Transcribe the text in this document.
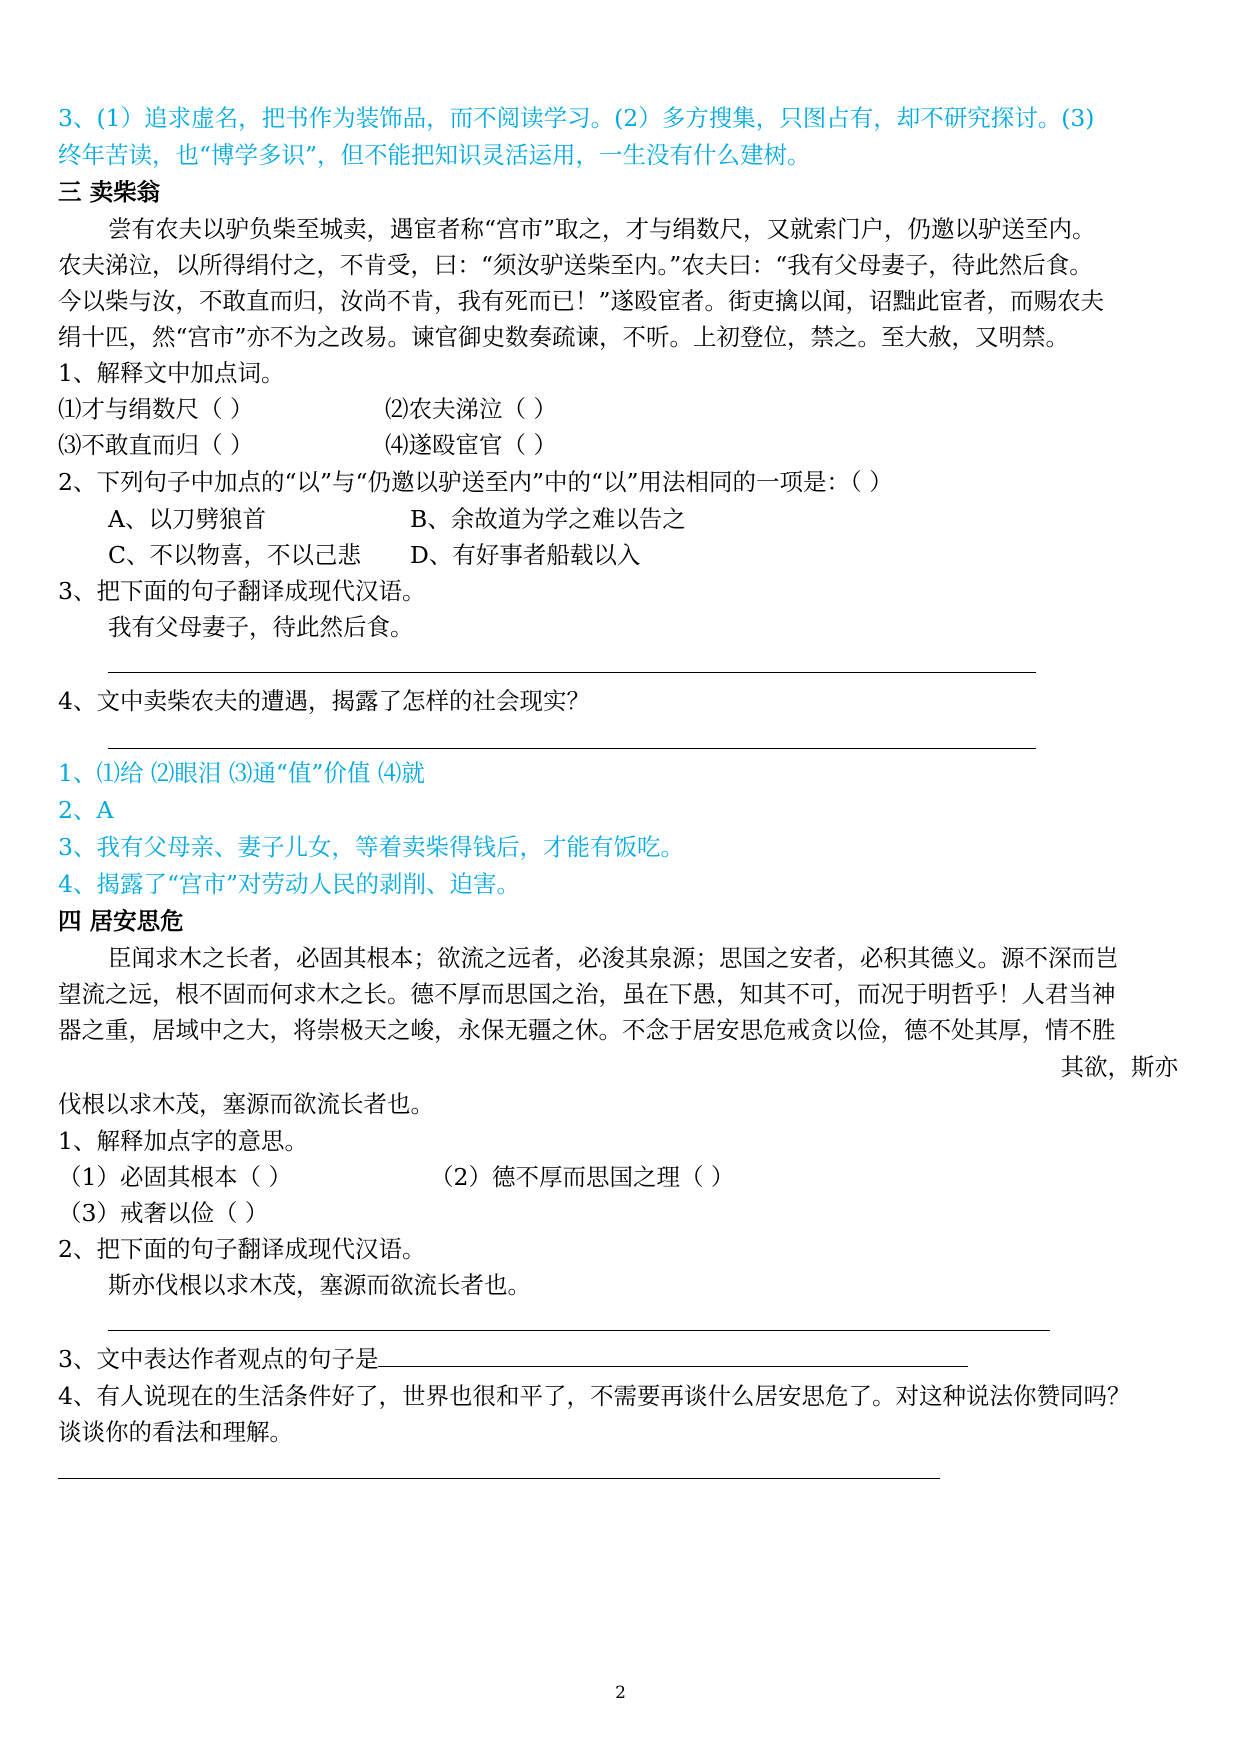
3、(1）追求虚名，把书作为装饰品，而不阅读学习。(2）多方搜集，只图占有，却不研究探讨。(3)
终年苦读，也“博学多识”，但不能把知识灵活运用，一生没有什么建树。
三 卖柴翁
尝有农夫以驴负柴至城卖，遇宦者称“宫市”取之，才与绢数尺，又就索门户，仍邀以驴送至内。
农夫涕泣，以所得绢付之，不肯受，曰：“须汝驴送柴至内。”农夫曰：“我有父母妻子，待此然后食。
今以柴与汝，不敢直而归，汝尚不肯，我有死而已！”遂殴宦者。街吏擒以闻，诏黜此宦者，而赐农夫
绢十匹，然“宫市”亦不为之改易。谏官御史数奏疏谏，不听。上初登位，禁之。至大赦，又明禁。
1、解释文中加点词。
⑴才与绢数尺（ ）	⑵农夫涕泣（ ）
⑶不敢直而归（ ）	⑷遂殴宦官（ ）
2、下列句子中加点的“以”与“仍邀以驴送至内”中的“以”用法相同的一项是：（ ）
A、以刀劈狼首	B、余故道为学之难以告之
C、不以物喜，不以己悲 D、有好事者船载以入
3、把下面的句子翻译成现代汉语。
我有父母妻子，待此然后食。
4、文中卖柴农夫的遭遇，揭露了怎样的社会现实？
1、⑴给 ⑵眼泪 ⑶通“值”价值 ⑷就
2、A
3、我有父母亲、妻子儿女，等着卖柴得钱后，才能有饭吃。
4、揭露了“宫市”对劳动人民的剥削、迫害。
四 居安思危
臣闻求木之长者，必固其根本；欲流之远者，必浚其泉源；思国之安者，必积其德义。源不深而岂
望流之远，根不固而何求木之长。德不厚而思国之治，虽在下愚，知其不可，而况于明哲乎！人君当神
器之重，居域中之大，将崇极天之峻，永保无疆之休。不念于居安思危戒贪以俭，德不处其厚，情不胜
其欲，斯亦
伐根以求木茂，塞源而欲流长者也。
1、解释加点字的意思。
（1）必固其根本（ ）	（2）德不厚而思国之理（ ）
（3）戒奢以俭（ ）
2、把下面的句子翻译成现代汉语。
斯亦伐根以求木茂，塞源而欲流长者也。
3、文中表达作者观点的句子是
4、有人说现在的生活条件好了，世界也很和平了，不需要再谈什么居安思危了。对这种说法你赞同吗？
谈谈你的看法和理解。
2
